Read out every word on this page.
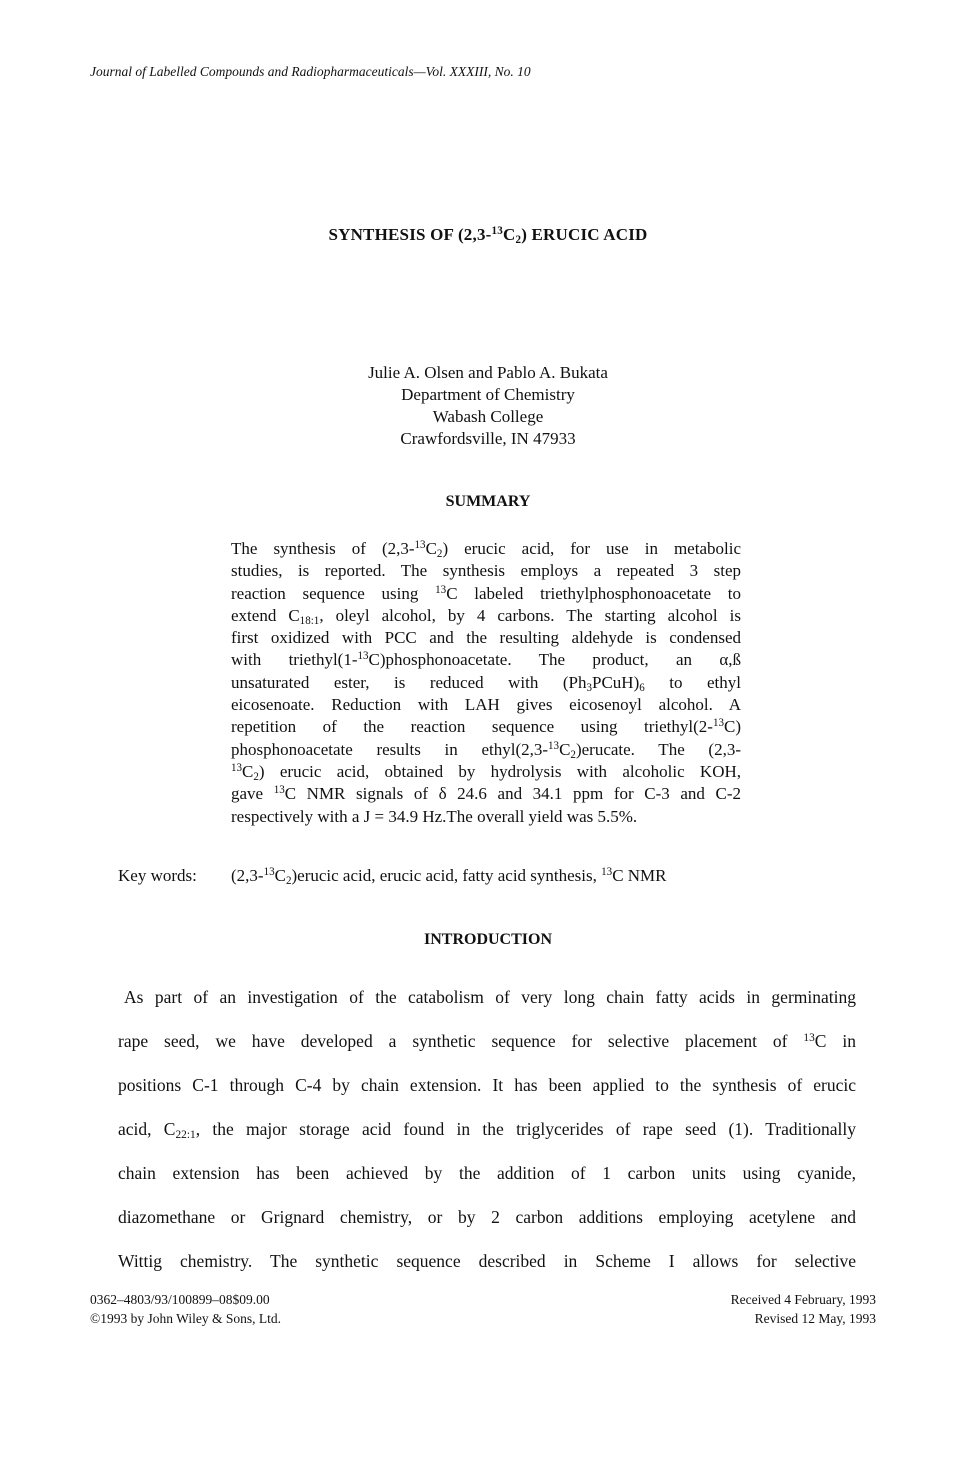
Journal of Labelled Compounds and Radiopharmaceuticals—Vol. XXXIII, No. 10
SYNTHESIS OF $(2,3-^{13}C_2)$ ERUCIC ACID
Julie A. Olsen and Pablo A. Bukata
Department of Chemistry
Wabash College
Crawfordsville, IN 47933
SUMMARY
The synthesis of $(2,3-^{13}C_2)$ erucic acid, for use in metabolic
studies, is reported. The synthesis employs a repeated 3 step
reaction sequence using $^{13}$C labeled triethylphosphonoacetate to
extend $C_{18:1}$, oleyl alcohol, by 4 carbons. The starting alcohol is
first oxidized with PCC and the resulting aldehyde is condensed
with triethyl(1-$^{13}$C)phosphonoacetate. The product, an α,ß
unsaturated ester, is reduced with $(Ph_3PCuH)_6$ to ethyl
eicosenoate. Reduction with LAH gives eicosenoyl alcohol. A
repetition of the reaction sequence using triethyl(2-$^{13}$C)
phosphonoacetate results in $ethyl(2,3-^{13}C_2)erucate$. The (2,3-
$^{13}C_2$) erucic acid, obtained by hydrolysis with alcoholic KOH,
gave $^{13}$C NMR signals of δ 24.6 and 34.1 ppm for C-3 and C-2
respectively with a J = 34.9 Hz.The overall yield was 5.5%.
Key words: $(2,3-^{13}C_2)erucic$ acid, erucic acid, fatty acid synthesis, $^{13}$C NMR
INTRODUCTION
As part of an investigation of the catabolism of very long chain fatty acids in germinating
rape seed, we have developed a synthetic sequence for selective placement of $^{13}$C in
positions C-1 through C-4 by chain extension. It has been applied to the synthesis of erucic
acid, $C_{22:1}$, the major storage acid found in the triglycerides of rape seed (1). Traditionally
chain extension has been achieved by the addition of 1 carbon units using cyanide,
diazomethane or Grignard chemistry, or by 2 carbon additions employing acetylene and
Wittig chemistry. The synthetic sequence described in Scheme I allows for selective
0362–4803/93/100899–08$09.00
©1993 by John Wiley & Sons, Ltd.
Received 4 February, 1993
Revised 12 May, 1993
